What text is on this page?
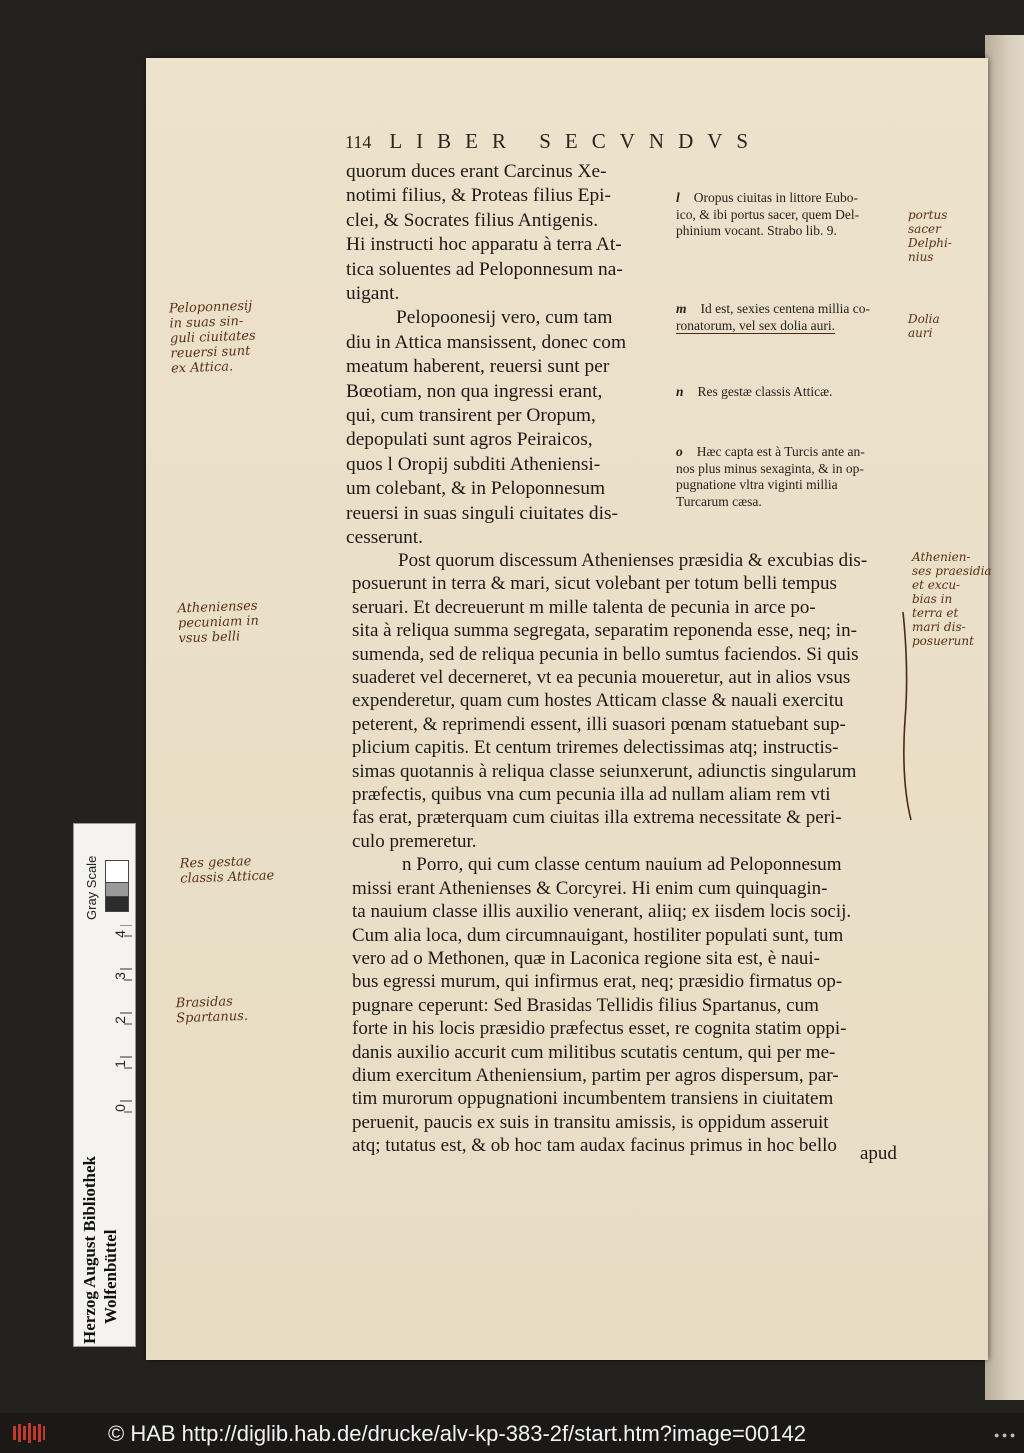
114 LIBER SECVNDVS

quorum duces erant Carcinus Xe-

notimi filius, & Proteas filius Epi-

clei, & Socrates filius Antigenis.

Hi instructi hoc apparatu à terra At-

tica soluentes ad Peloponnesum na-

uigant.

Pelopoonesij vero, cum tam

diu in Attica mansissent, donec com

meatum haberent, reuersi sunt per

Bœotiam, non qua ingressi erant,

qui, cum transirent per Oropum,

depopulati sunt agros Peiraicos,

quos l Oropij subditi Atheniensi-

um colebant, & in Peloponnesum

reuersi in suas singuli ciuitates dis-

cesserunt.

l Oropus ciuitas in littore Eubo-
ico, & ibi portus sacer, quem Del-
phinium vocant. Strabo lib. 9.
m Id est, sexies centena millia co-
ronatorum, vel sex dolia auri.
n Res gestæ classis Atticæ.
o Hæc capta est à Turcis ante an-
nos plus minus sexaginta, & in op-
pugnatione vltra viginti millia
Turcarum cæsa.

Post quorum discessum Athenienses præsidia & excubias dis-

posuerunt in terra & mari, sicut volebant per totum belli tempus

seruari. Et decreuerunt m mille talenta de pecunia in arce po-

sita à reliqua summa segregata, separatim reponenda esse, neq; in-

sumenda, sed de reliqua pecunia in bello sumtus faciendos. Si quis

suaderet vel decerneret, vt ea pecunia moueretur, aut in alios vsus

expenderetur, quam cum hostes Atticam classe & nauali exercitu

peterent, & reprimendi essent, illi suasori pœnam statuebant sup-

plicium capitis. Et centum triremes delectissimas atq; instructis-

simas quotannis à reliqua classe seiunxerunt, adiunctis singularum

præfectis, quibus vna cum pecunia illa ad nullam aliam rem vti

fas erat, præterquam cum ciuitas illa extrema necessitate & peri-

culo premeretur.

n Porro, qui cum classe centum nauium ad Peloponnesum

missi erant Athenienses & Corcyrei. Hi enim cum quinquagin-

ta nauium classe illis auxilio venerant, aliiq; ex iisdem locis socij.

Cum alia loca, dum circumnauigant, hostiliter populati sunt, tum

vero ad o Methonen, quæ in Laconica regione sita est, è naui-

bus egressi murum, qui infirmus erat, neq; præsidio firmatus op-

pugnare ceperunt: Sed Brasidas Tellidis filius Spartanus, cum

forte in his locis præsidio præfectus esset, re cognita statim oppi-

danis auxilio accurit cum militibus scutatis centum, qui per me-

dium exercitum Atheniensium, partim per agros dispersum, par-

tim murorum oppugnationi incumbentem transiens in ciuitatem

peruenit, paucis ex suis in transitu amissis, is oppidum asseruit

atq; tutatus est, & ob hoc tam audax facinus primus in hoc bello	apud
Peloponnesij
in suas sin-
guli ciuitates
reuersi sunt
ex Attica.
Athenienses
pecuniam in
vsus belli
Res gestae
classis Atticae
Brasidas
Spartanus.
portus
sacer
Delphi-
nius
Dolia
auri
Athenien-
ses praesidia
et excu-
bias in
terra et
mari dis-
posuerunt
Herzog August Bibliothek Wolfenbüttel
Gray Scale
0
1
2
3
4
© HAB http://diglib.hab.de/drucke/alv-kp-383-2f/start.htm?image=00142	● ● ●
